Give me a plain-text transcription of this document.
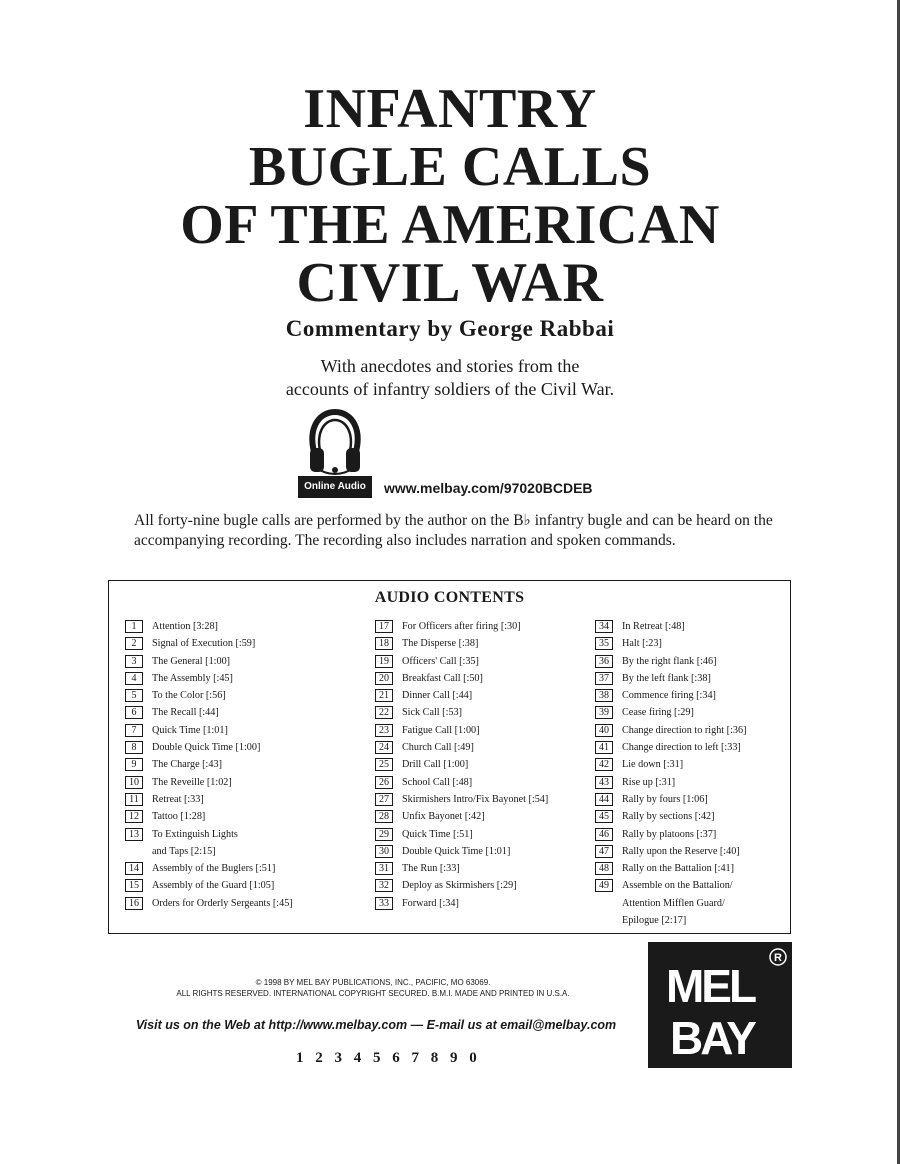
INFANTRY
BUGLE CALLS
OF THE AMERICAN
CIVIL WAR
Commentary by George Rabbai
With anecdotes and stories from the
accounts of infantry soldiers of the Civil War.
Online Audio	www.melbay.com/97020BCDEB
All forty-nine bugle calls are performed by the author on the B♭ infantry bugle and can be heard on the accompanying recording. The recording also includes narration and spoken commands.
AUDIO CONTENTS
1	Attention [3:28]
2	Signal of Execution [:59]
3	The General [1:00]
4	The Assembly [:45]
5	To the Color [:56]
6	The Recall [:44]
7	Quick Time [1:01]
8	Double Quick Time [1:00]
9	The Charge [:43]
10	The Reveille [1:02]
11	Retreat [:33]
12	Tattoo [1:28]
13	To Extinguish Lights
and Taps [2:15]
14	Assembly of the Buglers [:51]
15	Assembly of the Guard [1:05]
16	Orders for Orderly Sergeants [:45]
17	For Officers after firing [:30]
18	The Disperse [:38]
19	Officers' Call [:35]
20	Breakfast Call [:50]
21	Dinner Call [:44]
22	Sick Call [:53]
23	Fatigue Call [1:00]
24	Church Call [:49]
25	Drill Call [1:00]
26	School Call [:48]
27	Skirmishers Intro/Fix Bayonet [:54]
28	Unfix Bayonet [:42]
29	Quick Time [:51]
30	Double Quick Time [1:01]
31	The Run [:33]
32	Deploy as Skirmishers [:29]
33	Forward [:34]
34	In Retreat [:48]
35	Halt [:23]
36	By the right flank [:46]
37	By the left flank [:38]
38	Commence firing [:34]
39	Cease firing [:29]
40	Change direction to right [:36]
41	Change direction to left [:33]
42	Lie down [:31]
43	Rise up [:31]
44	Rally by fours [1:06]
45	Rally by sections [:42]
46	Rally by platoons [:37]
47	Rally upon the Reserve [:40]
48	Rally on the Battalion [:41]
49	Assemble on the Battalion/
Attention Mifflen Guard/
Epilogue [2:17]
© 1998 BY MEL BAY PUBLICATIONS, INC., PACIFIC, MO 63069.
ALL RIGHTS RESERVED. INTERNATIONAL COPYRIGHT SECURED. B.M.I. MADE AND PRINTED IN U.S.A.
Visit us on the Web at http://www.melbay.com — E-mail us at email@melbay.com
1 2 3 4 5 6 7 8 9 0
MEL
BAY
R
